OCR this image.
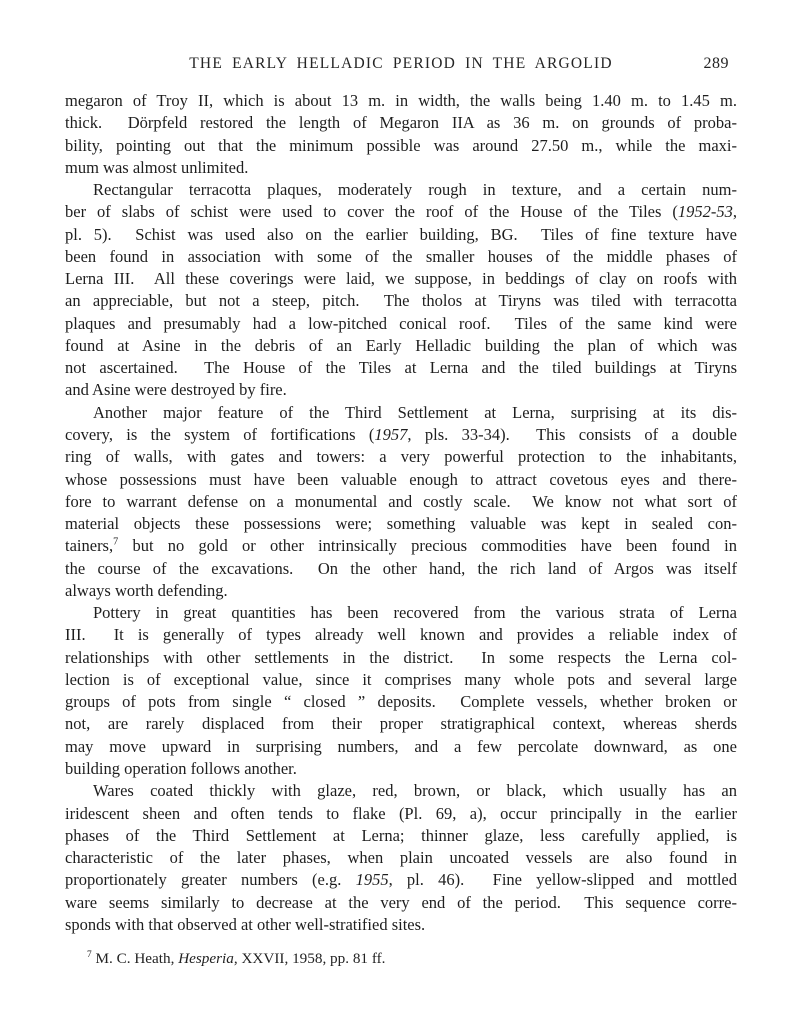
THE EARLY HELLADIC PERIOD IN THE ARGOLID	289
megaron of Troy II, which is about 13 m. in width, the walls being 1.40 m. to 1.45 m.
thick.  Dörpfeld restored the length of Megaron IIA as 36 m. on grounds of proba-
bility, pointing out that the minimum possible was around 27.50 m., while the maxi-
mum was almost unlimited.
Rectangular terracotta plaques, moderately rough in texture, and a certain num-
ber of slabs of schist were used to cover the roof of the House of the Tiles (1952-53,
pl. 5).  Schist was used also on the earlier building, BG.  Tiles of fine texture have
been found in association with some of the smaller houses of the middle phases of
Lerna III.  All these coverings were laid, we suppose, in beddings of clay on roofs with
an appreciable, but not a steep, pitch.  The tholos at Tiryns was tiled with terracotta
plaques and presumably had a low-pitched conical roof.  Tiles of the same kind were
found at Asine in the debris of an Early Helladic building the plan of which was
not ascertained.  The House of the Tiles at Lerna and the tiled buildings at Tiryns
and Asine were destroyed by fire.
Another major feature of the Third Settlement at Lerna, surprising at its dis-
covery, is the system of fortifications (1957, pls. 33-34).  This consists of a double
ring of walls, with gates and towers: a very powerful protection to the inhabitants,
whose possessions must have been valuable enough to attract covetous eyes and there-
fore to warrant defense on a monumental and costly scale.  We know not what sort of
material objects these possessions were; something valuable was kept in sealed con-
tainers,$^7$ but no gold or other intrinsically precious commodities have been found in
the course of the excavations.  On the other hand, the rich land of Argos was itself
always worth defending.
Pottery in great quantities has been recovered from the various strata of Lerna
III.  It is generally of types already well known and provides a reliable index of
relationships with other settlements in the district.  In some respects the Lerna col-
lection is of exceptional value, since it comprises many whole pots and several large
groups of pots from single “ closed ” deposits.  Complete vessels, whether broken or
not, are rarely displaced from their proper stratigraphical context, whereas sherds
may move upward in surprising numbers, and a few percolate downward, as one
building operation follows another.
Wares coated thickly with glaze, red, brown, or black, which usually has an
iridescent sheen and often tends to flake (Pl. 69, a), occur principally in the earlier
phases of the Third Settlement at Lerna; thinner glaze, less carefully applied, is
characteristic of the later phases, when plain uncoated vessels are also found in
proportionately greater numbers (e.g. 1955, pl. 46).  Fine yellow-slipped and mottled
ware seems similarly to decrease at the very end of the period.  This sequence corre-
sponds with that observed at other well-stratified sites.
$^7$ M. C. Heath, Hesperia, XXVII, 1958, pp. 81 ff.
